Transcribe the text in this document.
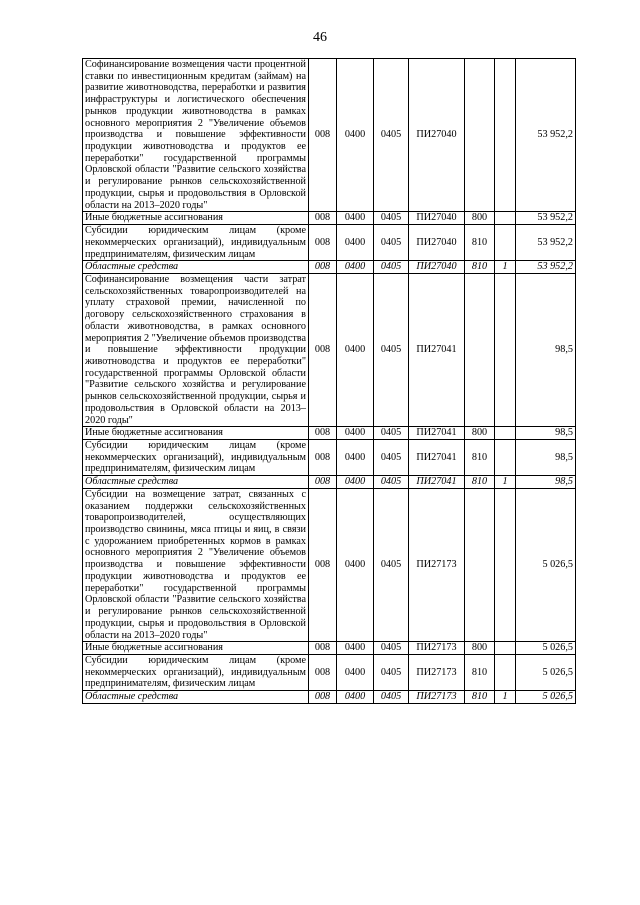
46
Софинансирование возмещения части процентной ставки по инвестиционным кредитам (займам) на развитие животноводства, переработки и развития инфраструктуры и логистического обеспечения рынков продукции животноводства в рамках основного мероприятия 2 "Увеличение объемов производства и повышение эффективности продукции животноводства и продуктов ее переработки" государственной программы Орловской области "Развитие сельского хозяйства и регулирование рынков сельскохозяйственной продукции, сырья и продовольствия в Орловской области на 2013–2020 годы"	008	0400	0405	ПИ27040			53 952,2
Иные бюджетные ассигнования	008	0400	0405	ПИ27040	800		53 952,2
Субсидии юридическим лицам (кроме некоммерческих организаций), индивидуальным предпринимателям, физическим лицам	008	0400	0405	ПИ27040	810		53 952,2
Областные средства	008	0400	0405	ПИ27040	810	1	53 952,2
Софинансирование возмещения части затрат сельскохозяйственных товаропроизводителей на уплату страховой премии, начисленной по договору сельскохозяйственного страхования в области животноводства, в рамках основного мероприятия 2 "Увеличение объемов производства и повышение эффективности продукции животноводства и продуктов ее переработки" государственной программы Орловской области "Развитие сельского хозяйства и регулирование рынков сельскохозяйственной продукции, сырья и продовольствия в Орловской области на 2013–2020 годы"	008	0400	0405	ПИ27041			98,5
Иные бюджетные ассигнования	008	0400	0405	ПИ27041	800		98,5
Субсидии юридическим лицам (кроме некоммерческих организаций), индивидуальным предпринимателям, физическим лицам	008	0400	0405	ПИ27041	810		98,5
Областные средства	008	0400	0405	ПИ27041	810	1	98,5
Субсидии на возмещение затрат, связанных с оказанием поддержки сельскохозяйственных товаропроизводителей, осуществляющих производство свинины, мяса птицы и яиц, в связи с удорожанием приобретенных кормов в рамках основного мероприятия 2 "Увеличение объемов производства и повышение эффективности продукции животноводства и продуктов ее переработки" государственной программы Орловской области "Развитие сельского хозяйства и регулирование рынков сельскохозяйственной продукции, сырья и продовольствия в Орловской области на 2013–2020 годы"	008	0400	0405	ПИ27173			5 026,5
Иные бюджетные ассигнования	008	0400	0405	ПИ27173	800		5 026,5
Субсидии юридическим лицам (кроме некоммерческих организаций), индивидуальным предпринимателям, физическим лицам	008	0400	0405	ПИ27173	810		5 026,5
Областные средства	008	0400	0405	ПИ27173	810	1	5 026,5
